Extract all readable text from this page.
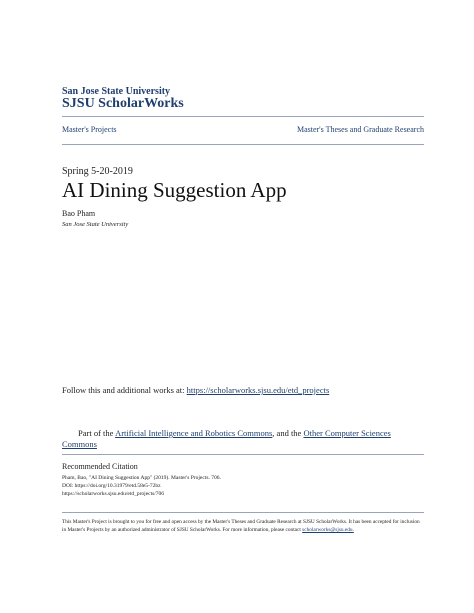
San Jose State University
SJSU ScholarWorks
Master's Projects	Master's Theses and Graduate Research
Spring 5-20-2019
AI Dining Suggestion App
Bao Pham
San Jose State University
Follow this and additional works at: https://scholarworks.sjsu.edu/etd_projects
Part of the Artificial Intelligence and Robotics Commons, and the Other Computer Sciences Commons
Recommended Citation
Pham, Bao, "AI Dining Suggestion App" (2019). Master's Projects. 706.
DOI: https://doi.org/10.31979/etd.58e5-72bz
https://scholarworks.sjsu.edu/etd_projects/706
This Master's Project is brought to you for free and open access by the Master's Theses and Graduate Research at SJSU ScholarWorks. It has been accepted for inclusion in Master's Projects by an authorized administrator of SJSU ScholarWorks. For more information, please contact scholarworks@sjsu.edu.
